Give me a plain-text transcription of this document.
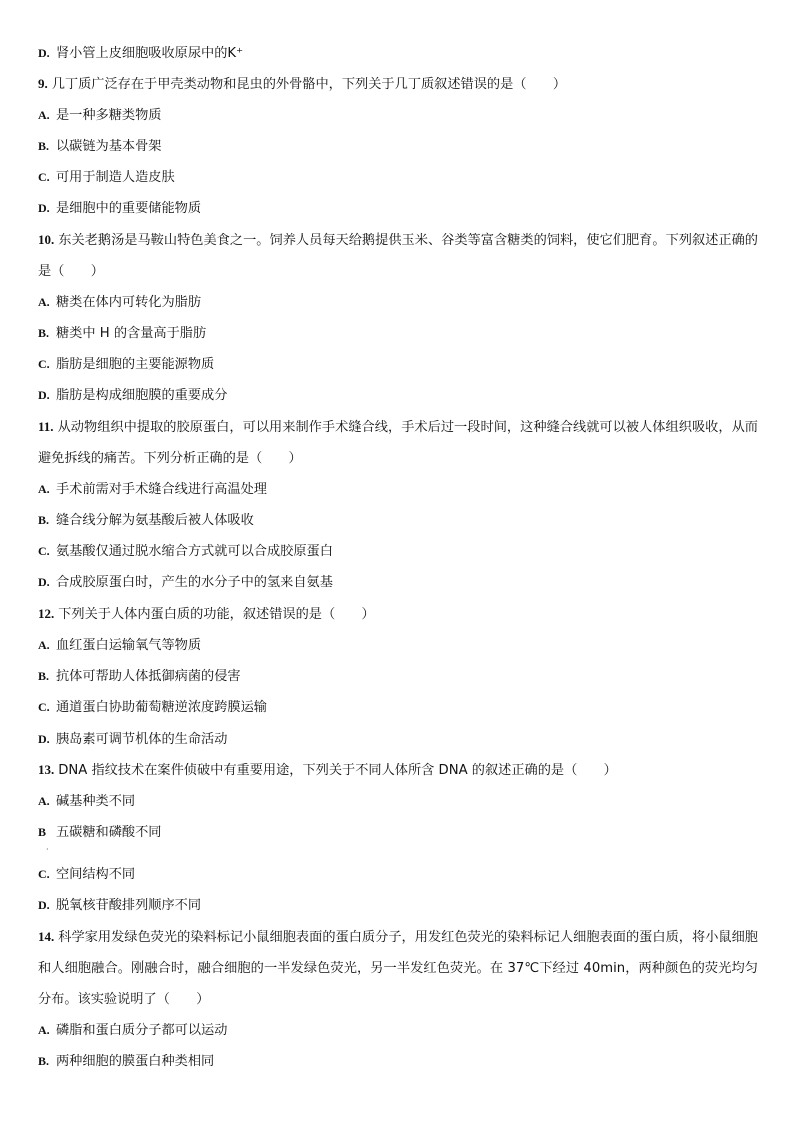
D. 肾小管上皮细胞吸收原尿中的K⁺
9. 几丁质广泛存在于甲壳类动物和昆虫的外骨骼中，下列关于几丁质叙述错误的是（　　）
A. 是一种多糖类物质
B. 以碳链为基本骨架
C. 可用于制造人造皮肤
D. 是细胞中的重要储能物质
10. 东关老鹅汤是马鞍山特色美食之一。饲养人员每天给鹅提供玉米、谷类等富含糖类的饲料，使它们肥育。下列叙述正确的是（　　）
A. 糖类在体内可转化为脂肪
B. 糖类中 H 的含量高于脂肪
C. 脂肪是细胞的主要能源物质
D. 脂肪是构成细胞膜的重要成分
11. 从动物组织中提取的胶原蛋白，可以用来制作手术缝合线，手术后过一段时间，这种缝合线就可以被人体组织吸收，从而避免拆线的痛苦。下列分析正确的是（　　）
A. 手术前需对手术缝合线进行高温处理
B. 缝合线分解为氨基酸后被人体吸收
C. 氨基酸仅通过脱水缩合方式就可以合成胶原蛋白
D. 合成胶原蛋白时，产生的水分子中的氢来自氨基
12. 下列关于人体内蛋白质的功能，叙述错误的是（　　）
A. 血红蛋白运输氧气等物质
B. 抗体可帮助人体抵御病菌的侵害
C. 通道蛋白协助葡萄糖逆浓度跨膜运输
D. 胰岛素可调节机体的生命活动
13. DNA 指纹技术在案件侦破中有重要用途，下列关于不同人体所含 DNA 的叙述正确的是（　　）
A. 碱基种类不同
B 五碳糖和磷酸不同
·
C. 空间结构不同
D. 脱氧核苷酸排列顺序不同
14. 科学家用发绿色荧光的染料标记小鼠细胞表面的蛋白质分子，用发红色荧光的染料标记人细胞表面的蛋白质，将小鼠细胞和人细胞融合。刚融合时，融合细胞的一半发绿色荧光，另一半发红色荧光。在 37℃下经过 40min，两种颜色的荧光均匀分布。该实验说明了（　　）
A. 磷脂和蛋白质分子都可以运动
B. 两种细胞的膜蛋白种类相同
